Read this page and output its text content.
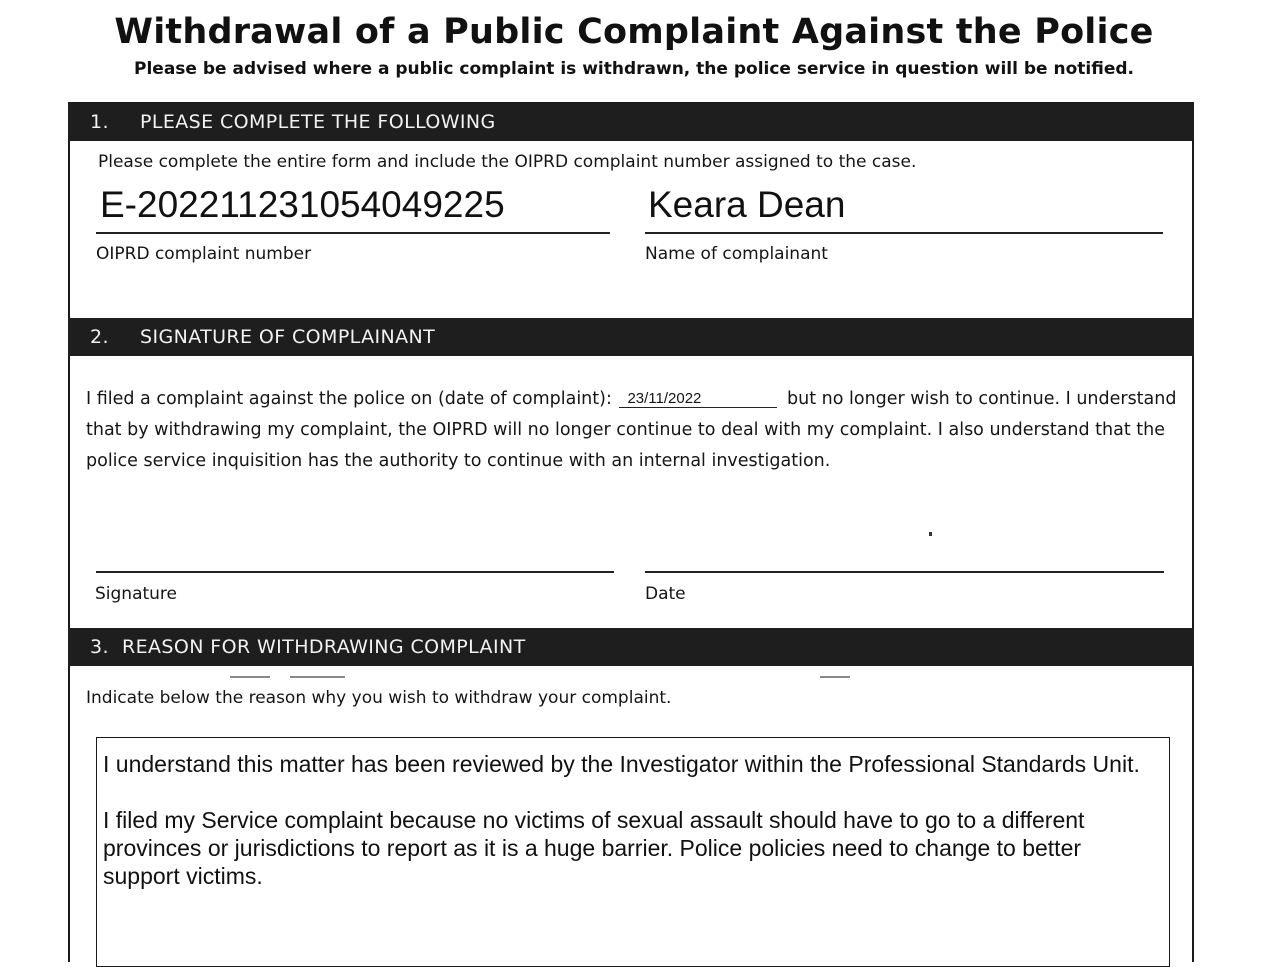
Withdrawal of a Public Complaint Against the Police
Please be advised where a public complaint is withdrawn, the police service in question will be notified.
1.	PLEASE COMPLETE THE FOLLOWING
Please complete the entire form and include the OIPRD complaint number assigned to the case.
E-20221123105404922​5
OIPRD complaint number
Keara Dean
Name of complainant
2.	SIGNATURE OF COMPLAINANT
I filed a complaint against the police on (date of complaint): 23/11/2022	but no longer wish to continue. I understand that by withdrawing my complaint, the OIPRD will no longer continue to deal with my complaint. I also understand that the police service inquisition has the authority to continue with an internal investigation.
Signature	Date
3. REASON FOR WITHDRAWING COMPLAINT
Indicate below the reason why you wish to withdraw your complaint.

I understand this matter has been reviewed by the Investigator within the Professional Standards Unit.

I filed my Service complaint because no victims of sexual assault should have to go to a different provinces or jurisdictions to report as it is a huge barrier. Police policies need to change to better support victims.
